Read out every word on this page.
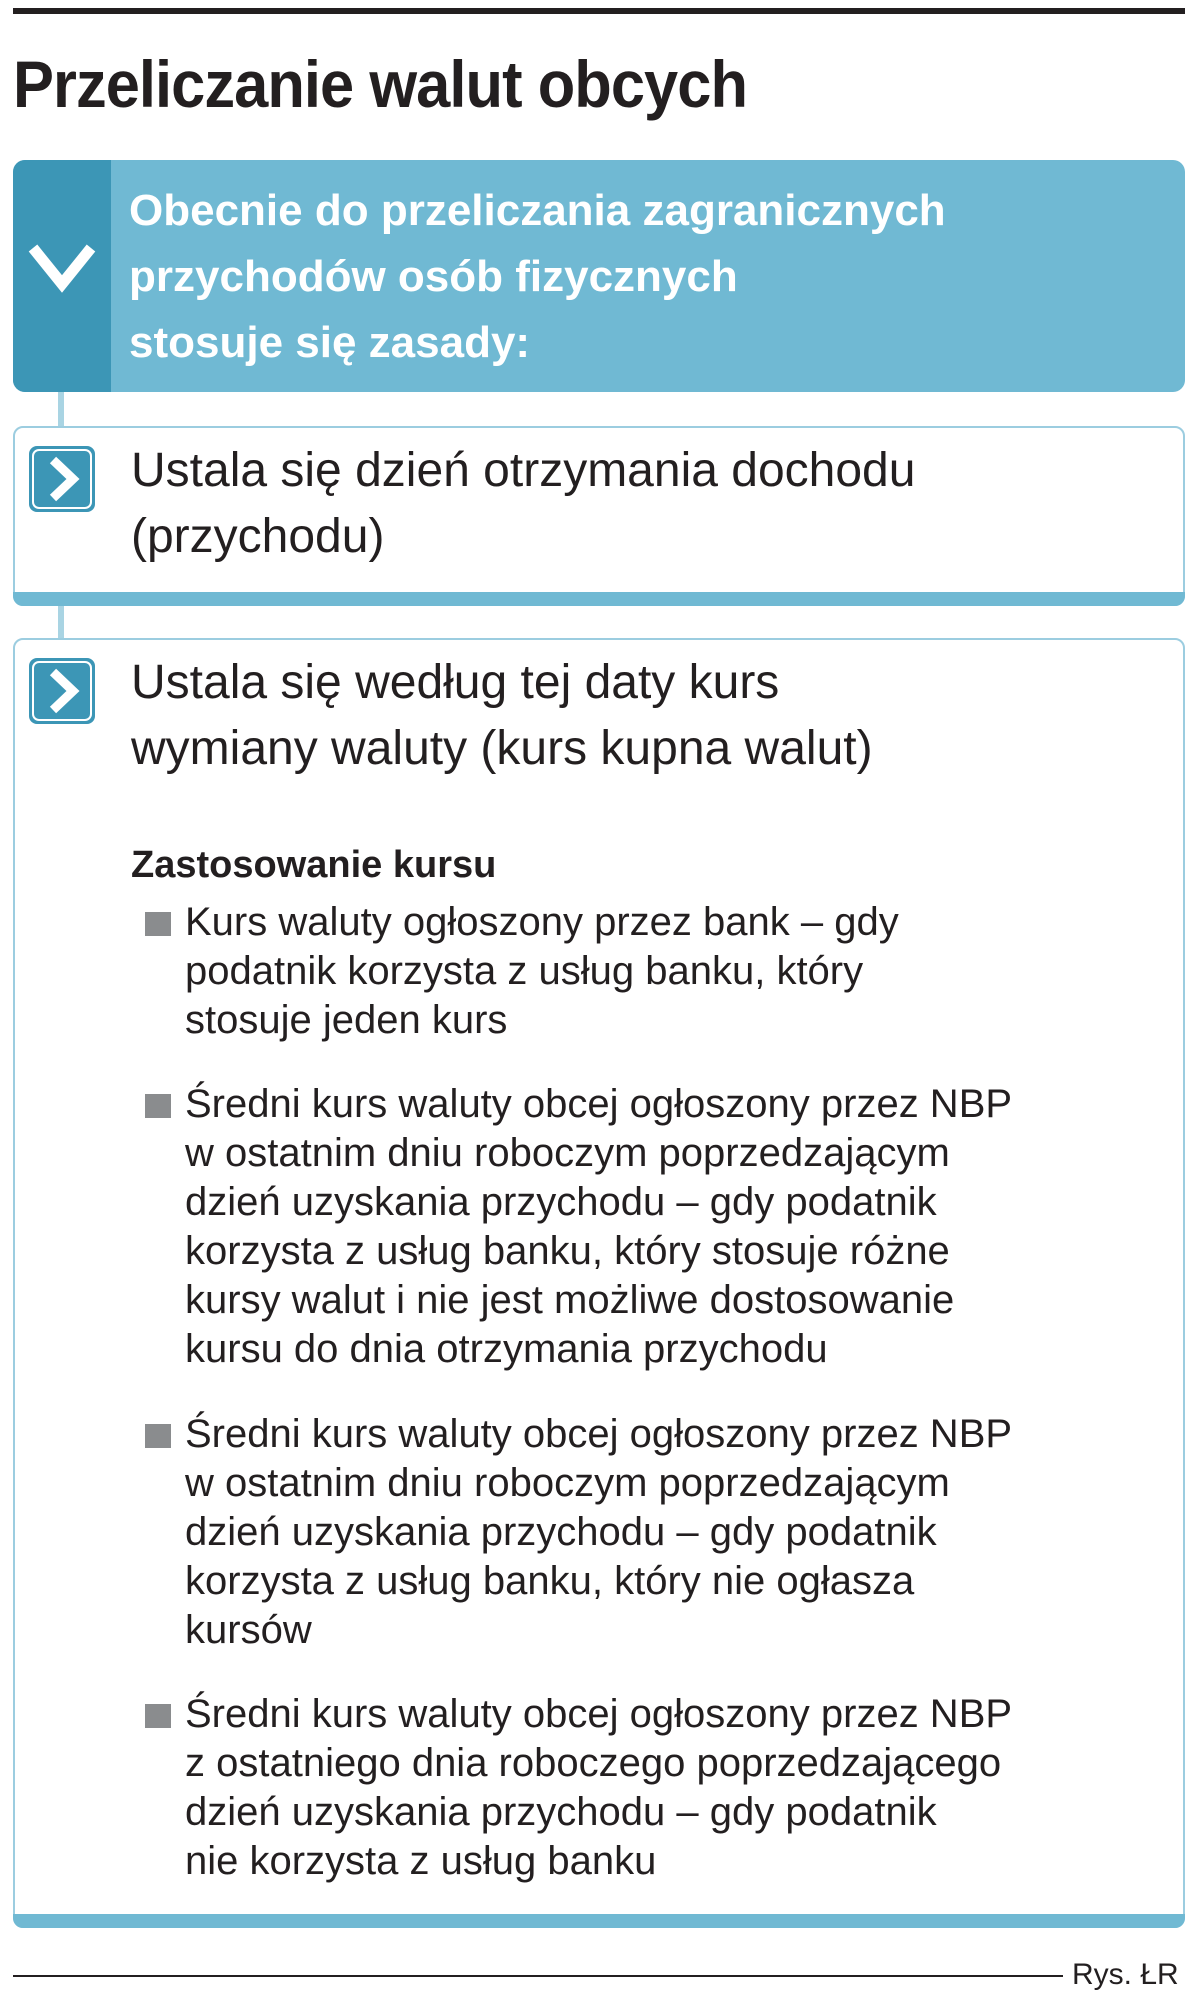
Przeliczanie walut obcych

Obecnie do przeliczania zagranicznych
przychodów osób fizycznych
stosuje się zasady:

Ustala się dzień otrzymania dochodu
(przychodu)

Ustala się według tej daty kurs
wymiany waluty (kurs kupna walut)

Zastosowanie kursu

Kurs waluty ogłoszony przez bank – gdy
podatnik korzysta z usług banku, który
stosuje jeden kurs

Średni kurs waluty obcej ogłoszony przez NBP
w ostatnim dniu roboczym poprzedzającym
dzień uzyskania przychodu – gdy podatnik
korzysta z usług banku, który stosuje różne
kursy walut i nie jest możliwe dostosowanie
kursu do dnia otrzymania przychodu

Średni kurs waluty obcej ogłoszony przez NBP
w ostatnim dniu roboczym poprzedzającym
dzień uzyskania przychodu – gdy podatnik
korzysta z usług banku, który nie ogłasza
kursów

Średni kurs waluty obcej ogłoszony przez NBP
z ostatniego dnia roboczego poprzedzającego
dzień uzyskania przychodu – gdy podatnik
nie korzysta z usług banku

Rys. ŁR
